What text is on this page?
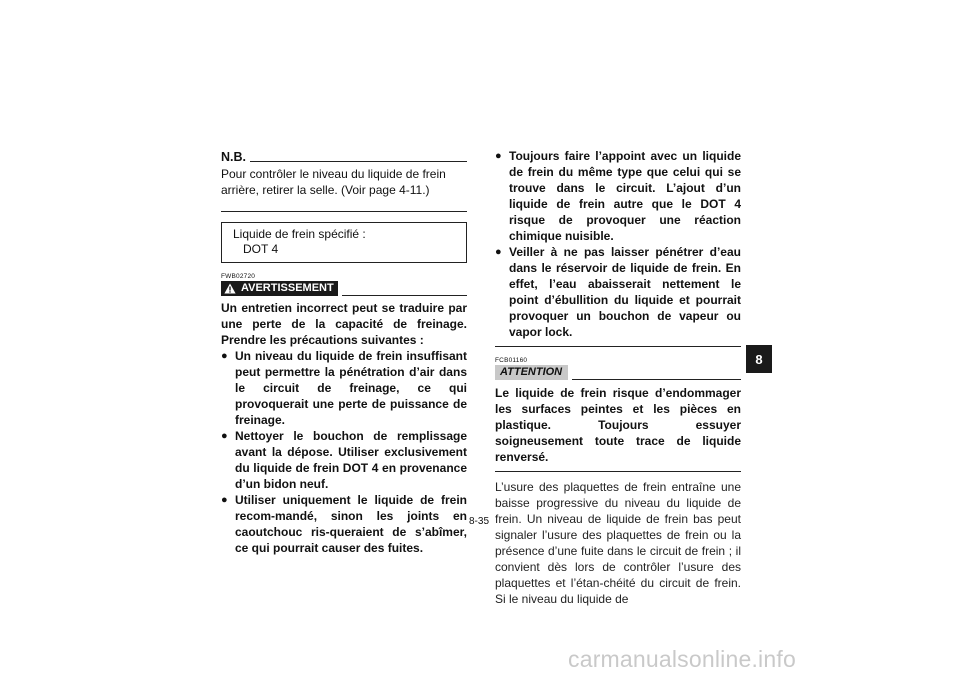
N.B.
Pour contrôler le niveau du liquide de frein arrière, retirer la selle. (Voir page 4-11.)
Liquide de frein spécifié :
DOT 4
FWB02720
AVERTISSEMENT
Un entretien incorrect peut se traduire par une perte de la capacité de freinage. Prendre les précautions suivantes :
● Un niveau du liquide de frein insuffisant peut permettre la pénétration d’air dans le circuit de freinage, ce qui provoquerait une perte de puissance de freinage.
● Nettoyer le bouchon de remplissage avant la dépose. Utiliser exclusivement du liquide de frein DOT 4 en provenance d’un bidon neuf.
● Utiliser uniquement le liquide de frein recom-mandé, sinon les joints en caoutchouc ris-queraient de s’abîmer, ce qui pourrait causer des fuites.
● Toujours faire l’appoint avec un liquide de frein du même type que celui qui se trouve dans le circuit. L’ajout d’un liquide de frein autre que le DOT 4 risque de provoquer une réaction chimique nuisible.
● Veiller à ne pas laisser pénétrer d’eau dans le réservoir de liquide de frein. En effet, l’eau abaisserait nettement le point d’ébullition du liquide et pourrait provoquer un bouchon de vapeur ou vapor lock.
FCB01160
ATTENTION
Le liquide de frein risque d’endommager les surfaces peintes et les pièces en plastique. Toujours essuyer soigneusement toute trace de liquide renversé.
L’usure des plaquettes de frein entraîne une baisse progressive du niveau du liquide de frein. Un niveau de liquide de frein bas peut signaler l’usure des plaquettes de frein ou la présence d’une fuite dans le circuit de frein ; il convient dès lors de contrôler l’usure des plaquettes et l’étan-chéité du circuit de frein. Si le niveau du liquide de
8-35
8
carmanualsonline.info
